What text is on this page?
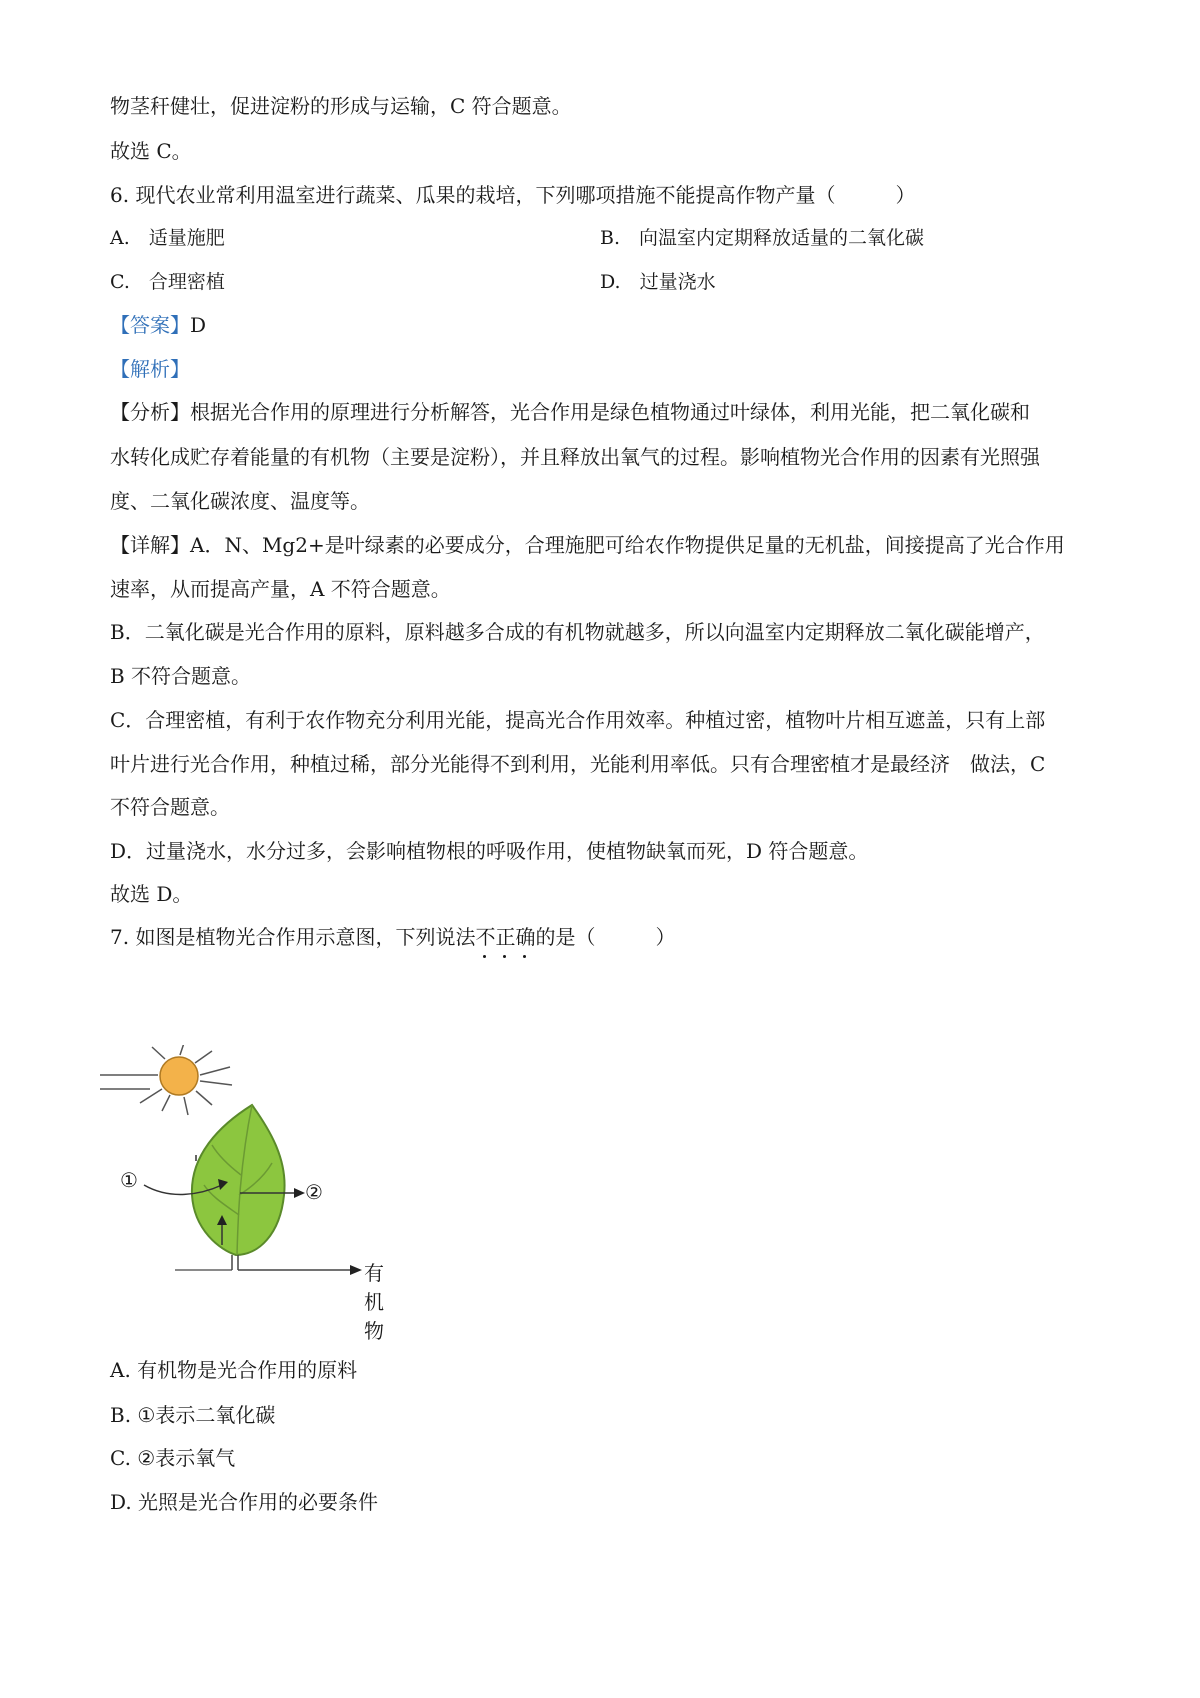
物茎秆健壮，促进淀粉的形成与运输，C 符合题意。
故选 C。
6. 现代农业常利用温室进行蔬菜、瓜果的栽培，下列哪项措施不能提高作物产量（　　　）
A.　适量施肥	B.　向温室内定期释放适量的二氧化碳
C.　合理密植	D.　过量浇水
【答案】D
【解析】
【分析】根据光合作用的原理进行分析解答，光合作用是绿色植物通过叶绿体，利用光能，把二氧化碳和
水转化成贮存着能量的有机物（主要是淀粉），并且释放出氧气的过程。影响植物光合作用的因素有光照强
度、二氧化碳浓度、温度等。
【详解】A．N、Mg2+是叶绿素的必要成分，合理施肥可给农作物提供足量的无机盐，间接提高了光合作用
速率，从而提高产量，A 不符合题意。
B．二氧化碳是光合作用的原料，原料越多合成的有机物就越多，所以向温室内定期释放二氧化碳能增产，
B 不符合题意。
C．合理密植，有利于农作物充分利用光能，提高光合作用效率。种植过密，植物叶片相互遮盖，只有上部
叶片进行光合作用，种植过稀，部分光能得不到利用，光能利用率低。只有合理密植才是最经济　做法，C
不符合题意。
D．过量浇水，水分过多，会影响植物根的呼吸作用，使植物缺氧而死，D 符合题意。
故选 D。
7. 如图是植物光合作用示意图，下列说法不正确
的是（　　　）
①	②
有机物
A. 有机物是光合作用的原料
B. ①表示二氧化碳
C. ②表示氧气
D. 光照是光合作用的必要条件
